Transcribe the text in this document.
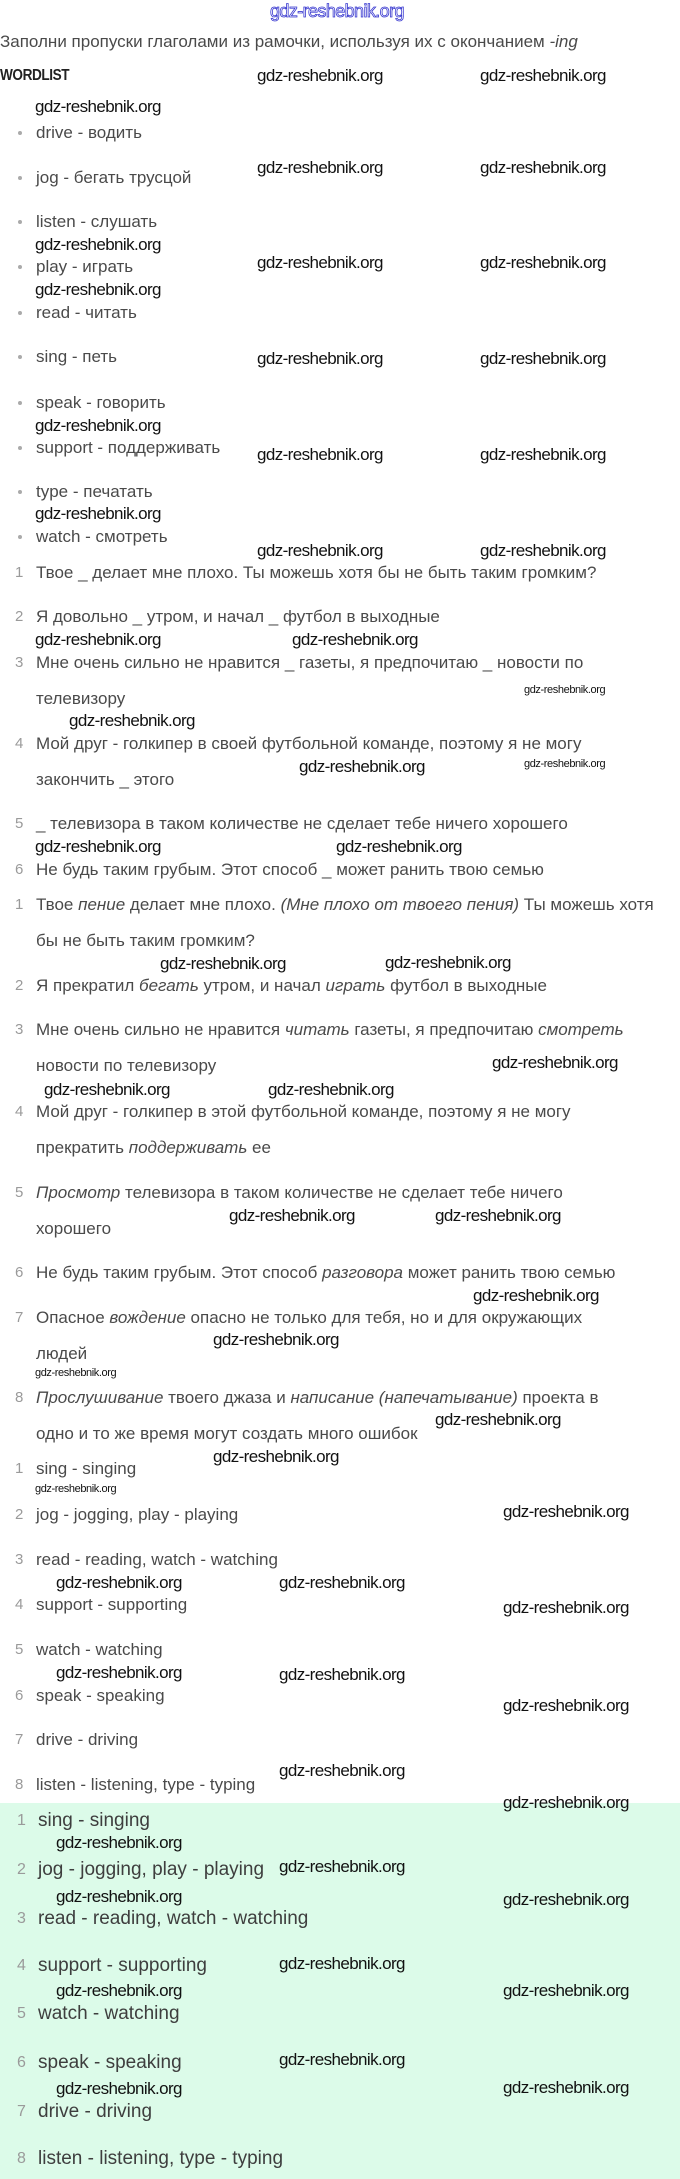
Заполни пропуски глаголами из рамочки, используя их с окончанием -ing
WORDLIST
drive - водить
jog - бегать трусцой
listen - слушать
play - играть
read - читать
sing - петь
speak - говорить
support - поддерживать
type - печатать
watch - смотреть
1 Твое _ делает мне плохо. Ты можешь хотя бы не быть таким громким?
2 Я довольно _ утром, и начал _ футбол в выходные
3 Мне очень сильно не нравится _ газеты, я предпочитаю _ новости по
телевизору
4 Мой друг - голкипер в своей футбольной команде, поэтому я не могу
закончить _ этого
5 _ телевизора в таком количестве не сделает тебе ничего хорошего
6 Не будь таким грубым. Этот способ _ может ранить твою семью
1 Твое пение делает мне плохо. (Мне плохо от твоего пения) Ты можешь хотя
бы не быть таким громким?
2 Я прекратил бегать утром, и начал играть футбол в выходные
3 Мне очень сильно не нравится читать газеты, я предпочитаю смотреть
новости по телевизору
4 Мой друг - голкипер в этой футбольной команде, поэтому я не могу
прекратить поддерживать ее
5 Просмотр телевизора в таком количестве не сделает тебе ничего
хорошего
6 Не будь таким грубым. Этот способ разговора может ранить твою семью
7 Опасное вождение опасно не только для тебя, но и для окружающих
людей
8 Прослушивание твоего джаза и написание (напечатывание) проекта в
одно и то же время могут создать много ошибок
1 sing - singing
1 sing - singing
2 jog - jogging, play - playing
2 jog - jogging, play - playing
3 read - reading, watch - watching
3 read - reading, watch - watching
4 support - supporting
4 support - supporting
5 watch - watching
5 watch - watching
6 speak - speaking
6 speak - speaking
7 drive - driving
7 drive - driving
8 listen - listening, type - typing
8 listen - listening, type - typing
gdz-reshebnik.org
gdz-reshebnik.org	gdz-reshebnik.org
gdz-reshebnik.org	gdz-reshebnik.org
gdz-reshebnik.org	gdz-reshebnik.org
gdz-reshebnik.org	gdz-reshebnik.org
gdz-reshebnik.org	gdz-reshebnik.org
gdz-reshebnik.org	gdz-reshebnik.org
gdz-reshebnik.org
gdz-reshebnik.org
gdz-reshebnik.org
gdz-reshebnik.org
gdz-reshebnik.org
gdz-reshebnik.org	gdz-reshebnik.org
gdz-reshebnik.org
gdz-reshebnik.org
gdz-reshebnik.org	gdz-reshebnik.org
gdz-reshebnik.org	gdz-reshebnik.org
gdz-reshebnik.org	gdz-reshebnik.org
gdz-reshebnik.org
gdz-reshebnik.org	gdz-reshebnik.org
gdz-reshebnik.org	gdz-reshebnik.org
gdz-reshebnik.org
gdz-reshebnik.org
gdz-reshebnik.org
gdz-reshebnik.org
gdz-reshebnik.org
gdz-reshebnik.org
gdz-reshebnik.org
gdz-reshebnik.org	gdz-reshebnik.org
gdz-reshebnik.org
gdz-reshebnik.org	gdz-reshebnik.org
gdz-reshebnik.org
gdz-reshebnik.org
gdz-reshebnik.org
gdz-reshebnik.org
gdz-reshebnik.org
gdz-reshebnik.org	gdz-reshebnik.org
gdz-reshebnik.org
gdz-reshebnik.org	gdz-reshebnik.org
gdz-reshebnik.org
gdz-reshebnik.org	gdz-reshebnik.org
